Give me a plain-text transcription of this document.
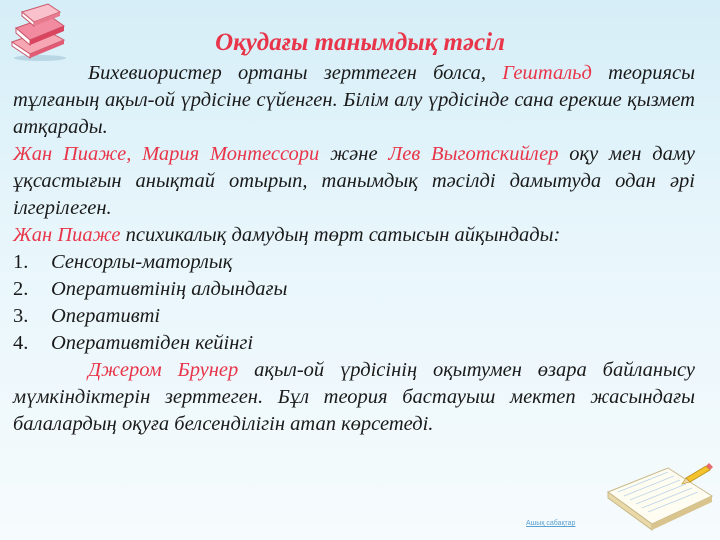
Оқудағы танымдық тәсіл

Бихевиористер ортаны зерттеген болса, Гештальд теориясы тұлғаның ақыл-ой үрдісіне сүйенген. Білім алу үрдісінде сана ерекше қызмет атқарады.

Жан Пиаже, Мария Монтессори және Лев Выготскийлер оқу мен даму ұқсастығын анықтай отырып, танымдық тәсілді дамытуда одан әрі ілгерілеген.

Жан Пиаже психикалық дамудың төрт сатысын айқындады:

1. Сенсорлы-маторлық
2. Оперативтінің алдындағы
3. Оперативті
4. Оперативтіден кейінгі

Джером Брунер ақыл-ой үрдісінің оқытумен өзара байланысу мүмкіндіктерін зерттеген. Бұл теория бастауыш мектеп жасындағы балалардың оқуға белсенділігін атап көрсетеді.

Ашық сабақтар
